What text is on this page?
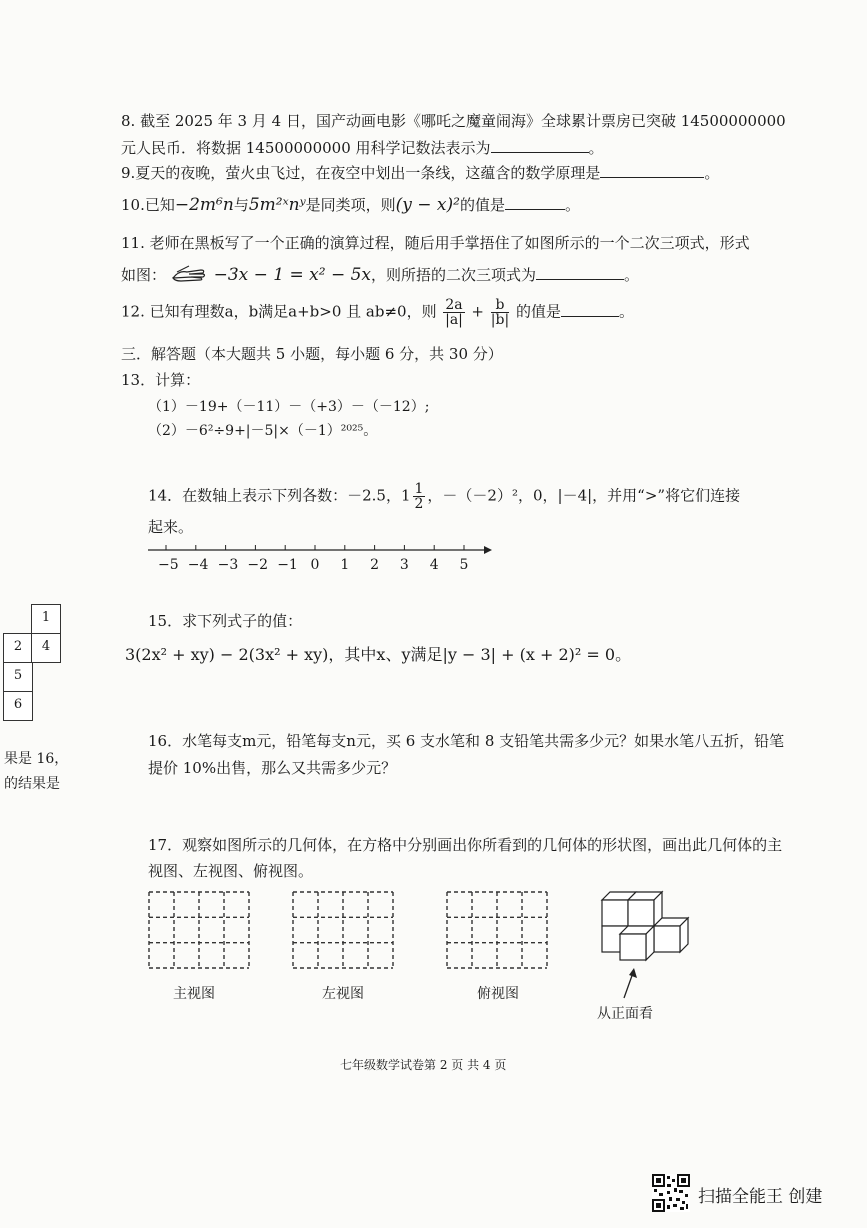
8. 截至 2025 年 3 月 4 日，国产动画电影《哪吒之魔童闹海》全球累计票房已突破 14500000000
元人民币．将数据 14500000000 用科学记数法表示为	。
9.夏天的夜晚，萤火虫飞过，在夜空中划出一条线，这蕴含的数学原理是	。
10.已知−2m⁶n与5m²ˣnʸ是同类项，则(y − x)²的值是	。
11. 老师在黑板写了一个正确的演算过程，随后用手掌捂住了如图所示的一个二次三项式，形式
如图：	−3x − 1 = x² − 5x，则所捂的二次三项式为	。
12. 已知有理数a，b满足a+b>0 且 ab≠0，则 $\frac{2a}{|a|} + \frac{b}{|b|}$ 的值是	。
三．解答题（本大题共 5 小题，每小题 6 分，共 30 分）
13．计算：
（1）－19+（－11）－（+3）－（－12）;
（2）－6²÷9+|－5|×（－1）²⁰²⁵。
14．在数轴上表示下列各数：－2.5，$1 \frac{1}{2}$ ，－（－2）²，0，|－4|，并用“>”将它们连接
起来。
−5 −4 −3 −2 −1 0 1 2 3 4 5
1
2	4
5
6
果是 16，
的结果是
15．求下列式子的值：
3(2x² + xy) − 2(3x² + xy)，其中x、y满足|y − 3| + (x + 2)² = 0。
16．水笔每支m元，铅笔每支n元，买 6 支水笔和 8 支铅笔共需多少元？如果水笔八五折，铅笔
提价 10%出售，那么又共需多少元？
17．观察如图所示的几何体，在方格中分别画出你所看到的几何体的形状图，画出此几何体的主
视图、左视图、俯视图。
主视图	左视图	俯视图
从正面看
七年级数学试卷第 2 页 共 4 页
扫描全能王 创建
